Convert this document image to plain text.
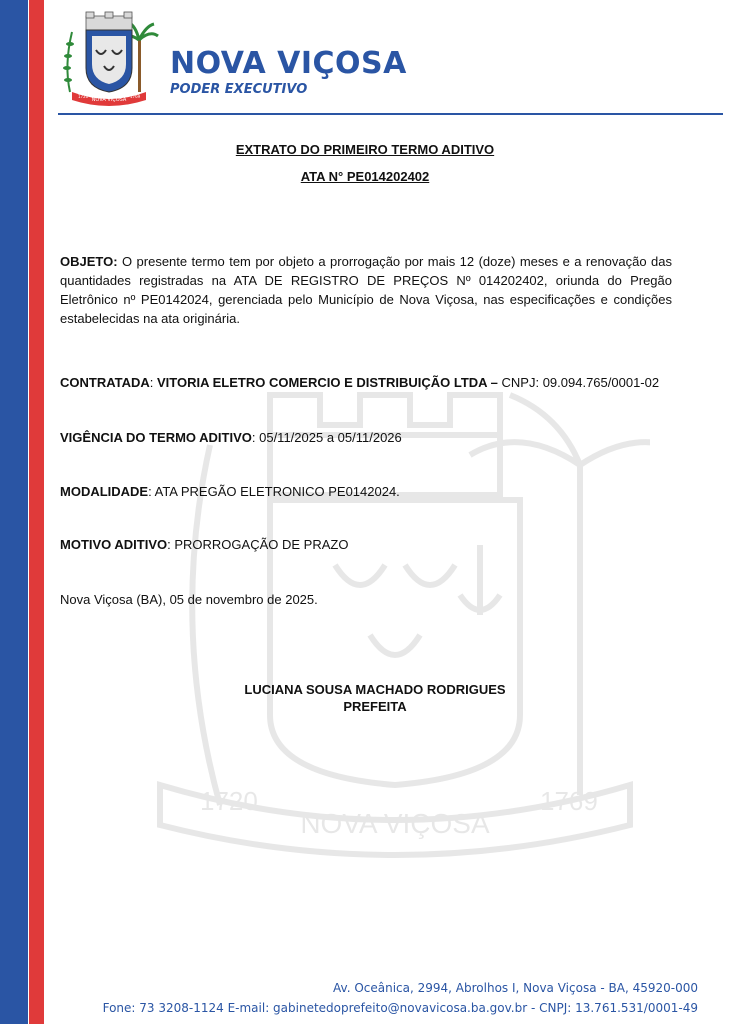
NOVA VIÇOSA
1720	1769
NOVA VIÇOSA
PODER EXECUTIVO
NOVA VIÇOSA
1720	1769
EXTRATO DO PRIMEIRO TERMO ADITIVO
ATA N° PE014202402
OBJETO: O presente termo tem por objeto a prorrogação por mais 12 (doze) meses e a renovação das quantidades registradas na ATA DE REGISTRO DE PREÇOS Nº 014202402, oriunda do Pregão Eletrônico nº PE0142024, gerenciada pelo Município de Nova Viçosa, nas especificações e condições estabelecidas na ata originária.
CONTRATADA: VITORIA ELETRO COMERCIO E DISTRIBUIÇÃO LTDA – CNPJ: 09.094.765/0001-02
VIGÊNCIA DO TERMO ADITIVO: 05/11/2025 a 05/11/2026
MODALIDADE: ATA PREGÃO ELETRONICO PE0142024.
MOTIVO ADITIVO: PRORROGAÇÃO DE PRAZO
Nova Viçosa (BA), 05 de novembro de 2025.
LUCIANA SOUSA MACHADO RODRIGUES
PREFEITA
Av. Oceânica, 2994, Abrolhos I, Nova Viçosa - BA, 45920-000
Fone: 73 3208-1124 E-mail: gabinetedoprefeito@novavicosa.ba.gov.br - CNPJ: 13.761.531/0001-49
